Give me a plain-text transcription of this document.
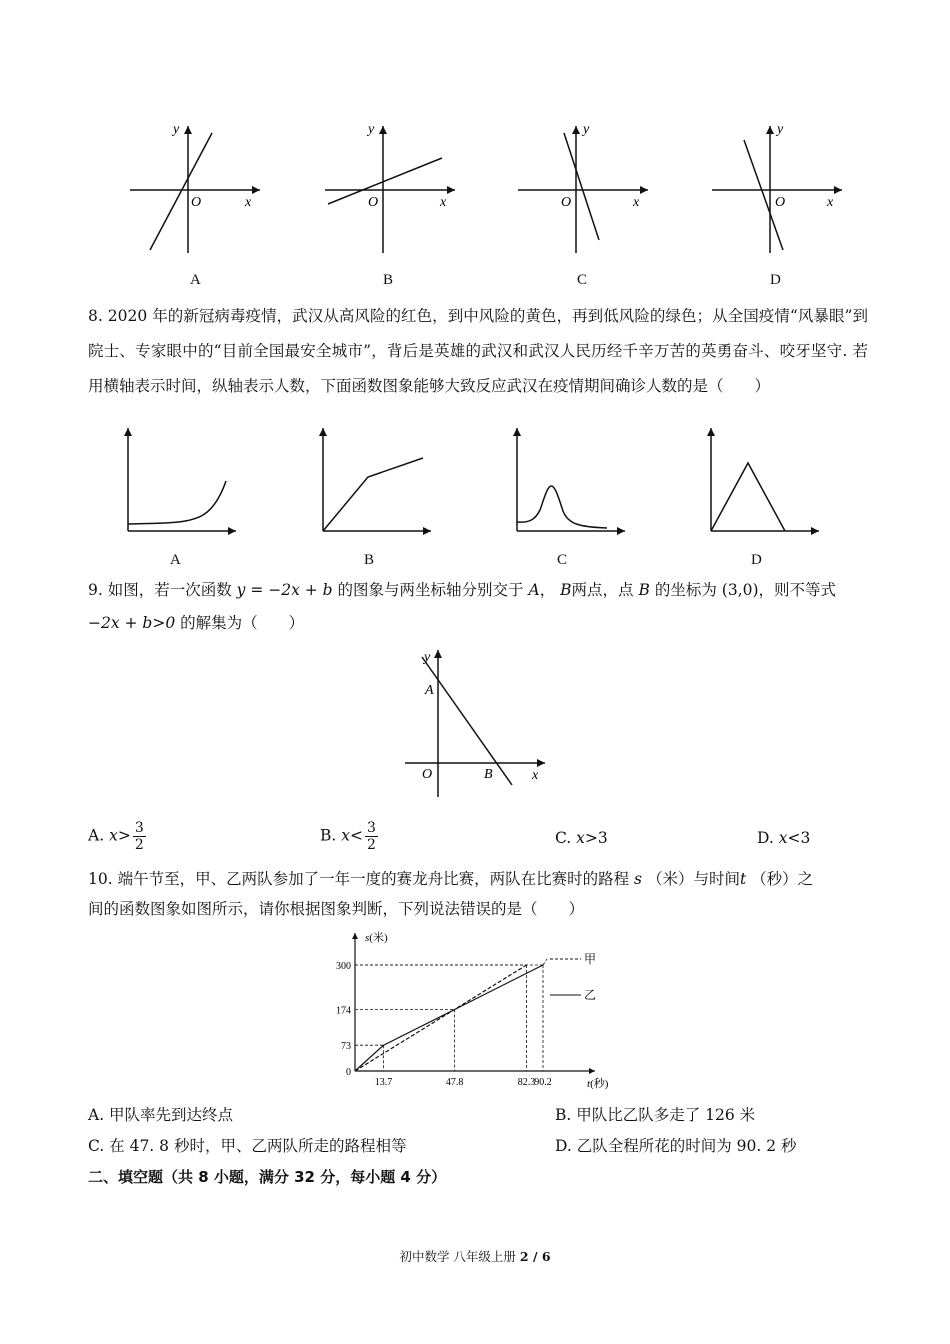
y
x
O
y
x
O
y
x
O
y
x
O
A	B	C	D
8. 2020 年的新冠病毒疫情，武汉从高风险的红色，到中风险的黄色，再到低风险的绿色；从全国疫情“风暴眼”到院士、专家眼中的“目前全国最安全城市”，背后是英雄的武汉和武汉人民历经千辛万苦的英勇奋斗、咬牙坚守. 若用横轴表示时间，纵轴表示人数，下面函数图象能够大致反应武汉在疫情期间确诊人数的是（　　）
A	B	C	D
9. 如图，若一次函数 y = −2x + b 的图象与两坐标轴分别交于 A， B两点，点 B 的坐标为 (3,0)，则不等式
−2x + b>0 的解集为（　　）
y
x
A
B
O
A. $x> \frac{3}{2}$	B. $x< \frac{3}{2}$	C. x>3	D. x<3
10. 端午节至，甲、乙两队参加了一年一度的赛龙舟比赛，两队在比赛时的路程 s （米）与时间t （秒）之
间的函数图象如图所示，请你根据图象判断，下列说法错误的是（　　）
0
73
174
300
13.7	47.8	82.3
90.2
s(米)
t(秒)
甲
乙
A. 甲队率先到达终点	B. 甲队比乙队多走了 126 米
C. 在 47. 8 秒时，甲、乙两队所走的路程相等	D. 乙队全程所花的时间为 90. 2 秒
二、填空题（共 8 小题，满分 32 分，每小题 4 分）
初中数学 八年级上册 2 / 6
